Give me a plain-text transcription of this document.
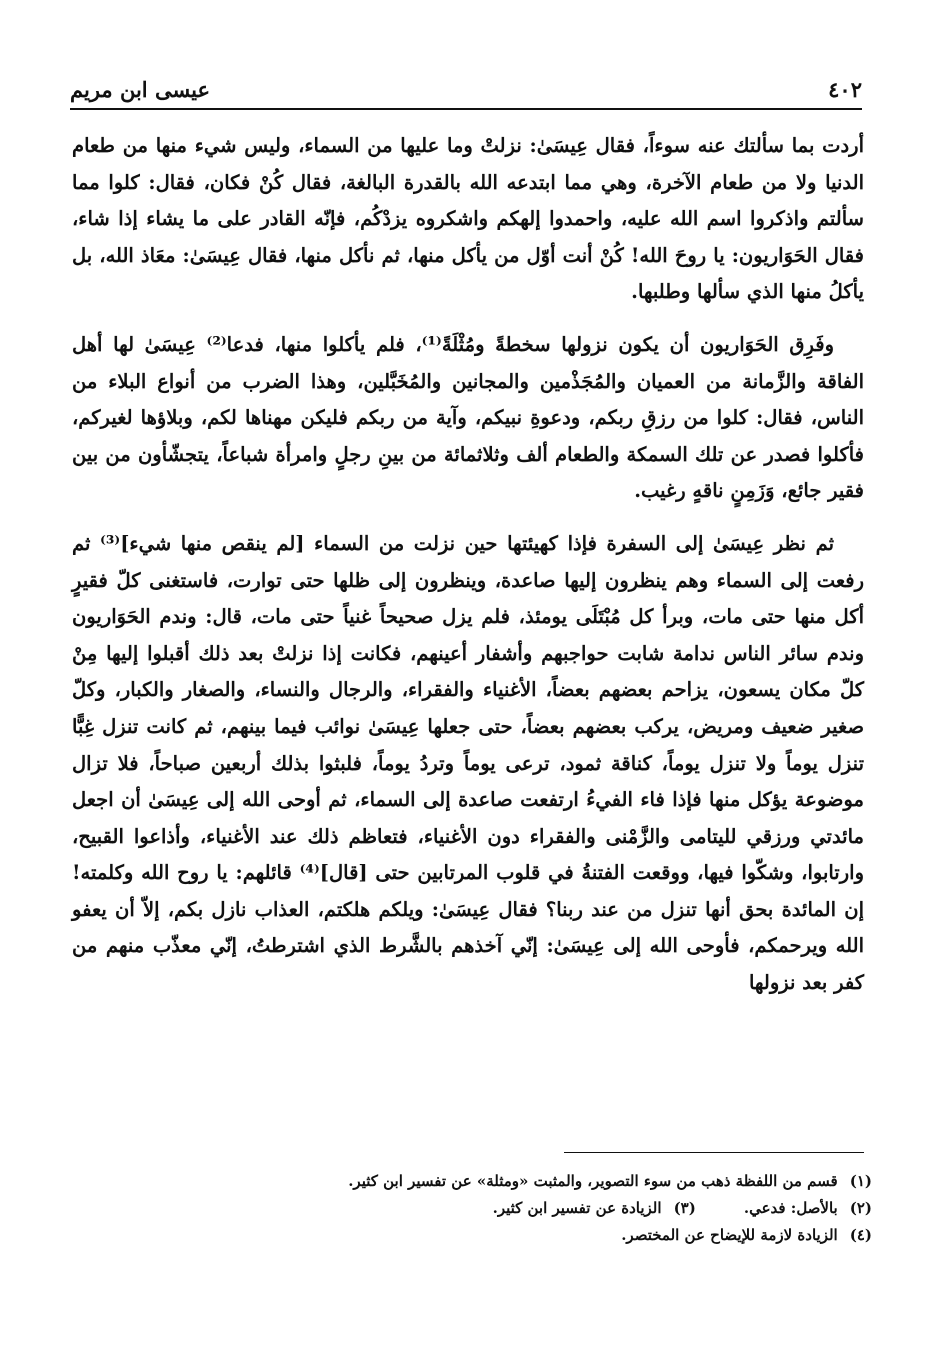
٤٠٢
عيسى ابن مريم

أردت بما سألتك عنه سوءاً، فقال عِيسَىٰ: نزلتْ وما عليها من السماء، وليس شيء منها من طعام الدنيا ولا من طعام الآخرة، وهي مما ابتدعه الله بالقدرة البالغة، فقال كُنْ فكان، فقال: كلوا مما سألتم واذكروا اسم الله عليه، واحمدوا إلهكم واشكروه يزدْكُم، فإنّه القادر على ما يشاء إذا شاء، فقال الحَوَاريون: يا روحَ الله! كُنْ أنت أوّل من يأكل منها، ثم نأكل منها، فقال عِيسَىٰ: معَاذ الله، بل يأكلُ منها الذي سألها وطلبها.

وفَرِق الحَوَاريون أن يكون نزولها سخطةً ومُثْلَةً⁽¹⁾، فلم يأكلوا منها، فدعا⁽²⁾ عِيسَىٰ لها أهل الفاقة والزَّمانة من العميان والمُجَذْمين والمجانين والمُخَبَّلين، وهذا الضرب من أنواع البلاء من الناس، فقال: كلوا من رزقِ ربكم، ودعوةِ نبيكم، وآية من ربكم فليكن مهناها لكم، وبلاؤها لغيركم، فأكلوا فصدر عن تلك السمكة والطعام ألف وثلاثمائة من بينِ رجلٍ وامرأة شباعاً، يتجشّأون من بين فقير جائع، وَزَمِنٍ ناقهٍ رغيب.

ثم نظر عِيسَىٰ إلى السفرة فإذا كهيئتها حين نزلت من السماء [لم ينقص منها شيء]⁽³⁾ ثم رفعت إلى السماء وهم ينظرون إليها صاعدة، وينظرون إلى ظلها حتى توارت، فاستغنى كلّ فقيرٍ أكل منها حتى مات، وبرأ كل مُبْتَلَى يومئذ، فلم يزل صحيحاً غنياً حتى مات، قال: وندم الحَوَاريون وندم سائر الناس ندامة شابت حواجبهم وأشفار أعينهم، فكانت إذا نزلتْ بعد ذلك أقبلوا إليها مِنْ كلّ مكان يسعون، يزاحم بعضهم بعضاً، الأغنياء والفقراء، والرجال والنساء، والصغار والكبار، وكلّ صغير ضعيف ومريض، يركب بعضهم بعضاً، حتى جعلها عِيسَىٰ نوائب فيما بينهم، ثم كانت تنزل غِبًّا تنزل يوماً ولا تنزل يوماً، كناقة ثمود، ترعى يوماً وتردُ يوماً، فلبثوا بذلك أربعين صباحاً، فلا تزال موضوعة يؤكل منها فإذا فاء الفيءُ ارتفعت صاعدة إلى السماء، ثم أوحى الله إلى عِيسَىٰ أن اجعل مائدتي ورزقي لليتامى والزَّمْنى والفقراء دون الأغنياء، فتعاظم ذلك عند الأغنياء، وأذاعوا القبيح، وارتابوا، وشكّوا فيها، ووقعت الفتنةُ في قلوب المرتابين حتى [قال]⁽⁴⁾ قائلهم: يا روح الله وكلمته! إن المائدة بحق أنها تنزل من عند ربنا؟ فقال عِيسَىٰ: ويلكم هلكتم، العذاب نازل بكم، إلاّ أن يعفو الله ويرحمكم، فأوحى الله إلى عِيسَىٰ: إنّي آخذهم بالشَّرط الذي اشترطتُ، إنّي معذّب منهم من كفر بعد نزولها

(١)
قسم من اللفظة ذهب من سوء التصوير، والمثبت «ومثلة» عن تفسير ابن كثير.
(٢)
بالأصل: فدعي.
(٣)
الزيادة عن تفسير ابن كثير.
(٤)
الزيادة لازمة للإيضاح عن المختصر.
